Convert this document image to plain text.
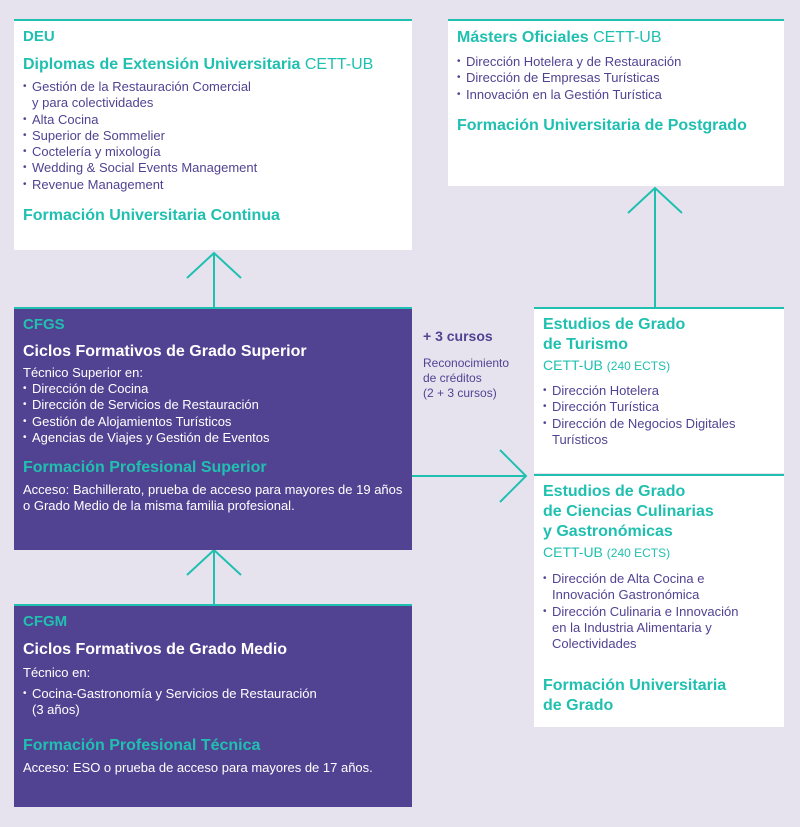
DEU

Diplomas de Extensión Universitaria CETT-UB

• Gestión de la Restauración Comercial
y para colectividades
• Alta Cocina
• Superior de Sommelier
• Coctelería y mixología
• Wedding & Social Events Management
• Revenue Management

Formación Universitaria Continua

Másters Oficiales CETT-UB

• Dirección Hotelera y de Restauración
• Dirección de Empresas Turísticas
• Innovación en la Gestión Turística

Formación Universitaria de Postgrado

CFGS

Ciclos Formativos de Grado Superior

Técnico Superior en:

• Dirección de Cocina
• Dirección de Servicios de Restauración
• Gestión de Alojamientos Turísticos
• Agencias de Viajes y Gestión de Eventos

Formación Profesional Superior

Acceso: Bachillerato, prueba de acceso para mayores de 19 años o Grado Medio de la misma familia profesional.

CFGM

Ciclos Formativos de Grado Medio

Técnico en:

• Cocina-Gastronomía y Servicios de Restauración
(3 años)

Formación Profesional Técnica

Acceso: ESO o prueba de acceso para mayores de 17 años.

+ 3 cursos
Reconocimiento
de créditos
(2 + 3 cursos)

Estudios de Grado
de Turismo

CETT-UB (240 ECTS)

• Dirección Hotelera
• Dirección Turística
• Dirección de Negocios Digitales
Turísticos

Estudios de Grado
de Ciencias Culinarias
y Gastronómicas

CETT-UB (240 ECTS)

• Dirección de Alta Cocina e
Innovación Gastronómica
• Dirección Culinaria e Innovación
en la Industria Alimentaria y
Colectividades

Formación Universitaria
de Grado
